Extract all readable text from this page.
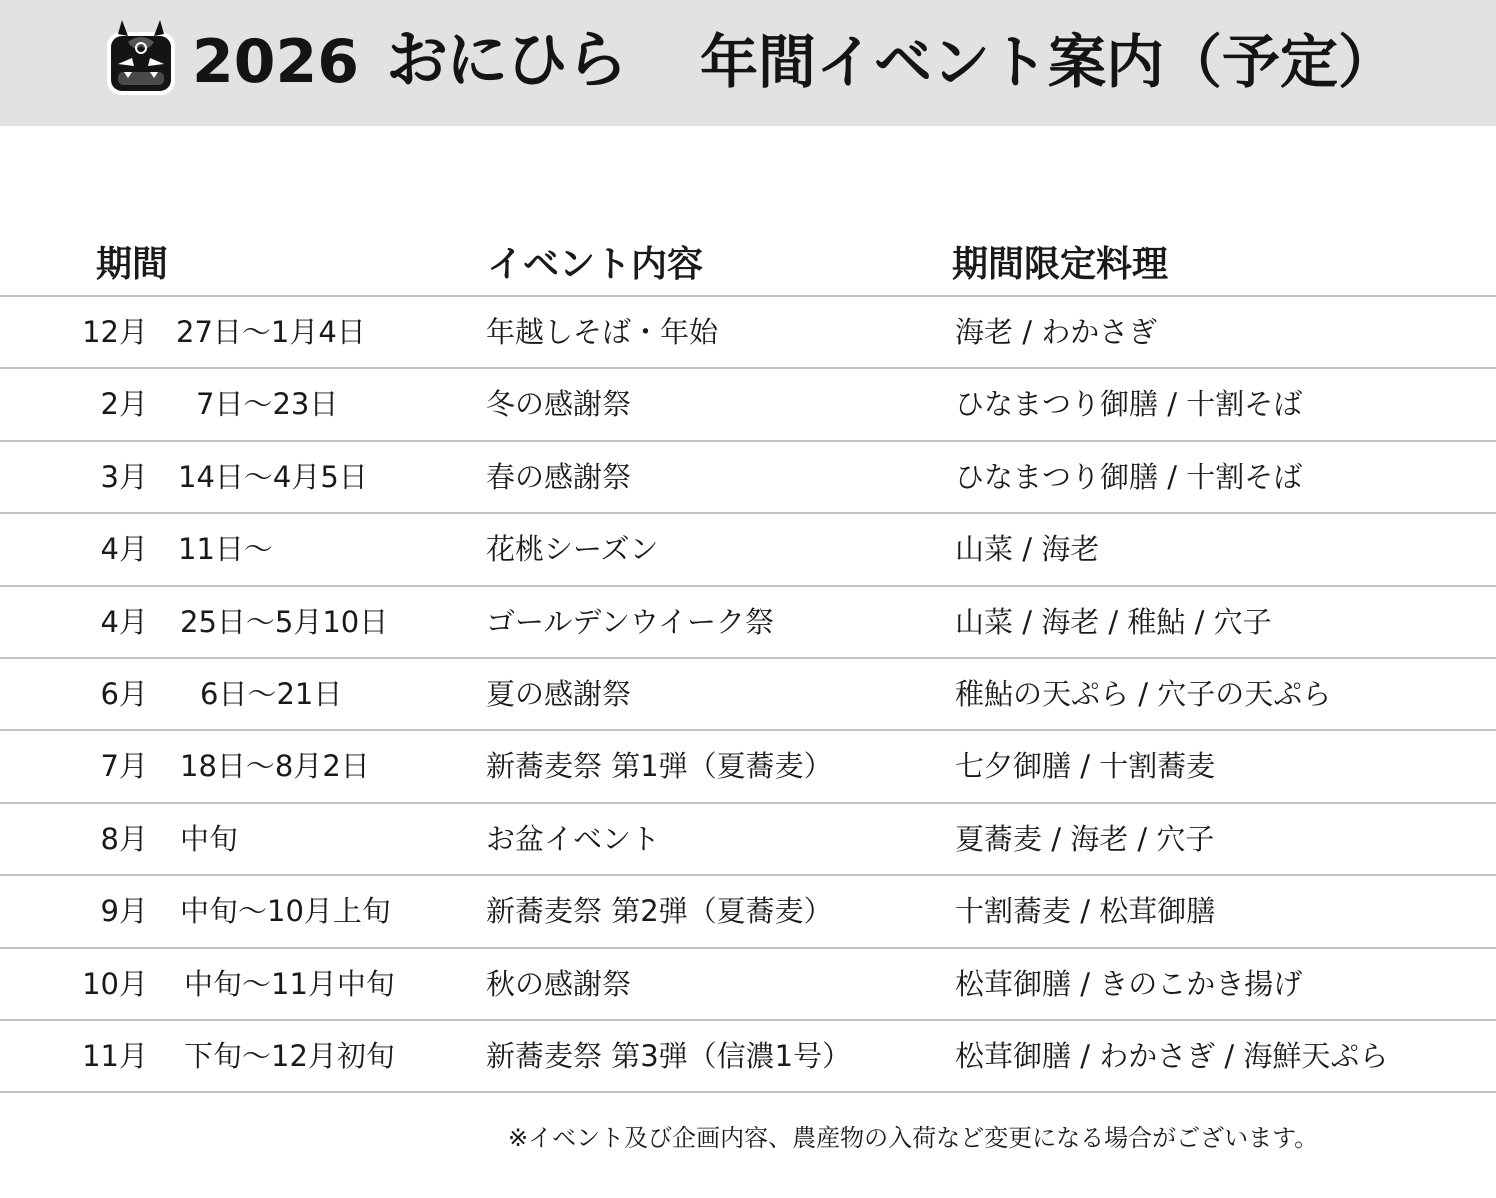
2026 おにひら 年間イベント案内（予定）
期間	イベント内容	期間限定料理
12月 27日〜1月4日	年越しそば・年始	海老 / わかさぎ
2月 7日〜23日	冬の感謝祭	ひなまつり御膳 / 十割そば
3月 14日〜4月5日	春の感謝祭	ひなまつり御膳 / 十割そば
4月 11日〜	花桃シーズン	山菜 / 海老
4月 25日〜5月10日	ゴールデンウイーク祭	山菜 / 海老 / 稚鮎 / 穴子
6月 6日〜21日	夏の感謝祭	稚鮎の天ぷら / 穴子の天ぷら
7月 18日〜8月2日	新蕎麦祭 第1弾（夏蕎麦）	七夕御膳 / 十割蕎麦
8月 中旬	お盆イベント	夏蕎麦 / 海老 / 穴子
9月 中旬〜10月上旬	新蕎麦祭 第2弾（夏蕎麦）	十割蕎麦 / 松茸御膳
10月 中旬〜11月中旬	秋の感謝祭	松茸御膳 / きのこかき揚げ
11月 下旬〜12月初旬	新蕎麦祭 第3弾（信濃1号）	松茸御膳 / わかさぎ / 海鮮天ぷら
※イベント及び企画内容、農産物の入荷など変更になる場合がございます。
